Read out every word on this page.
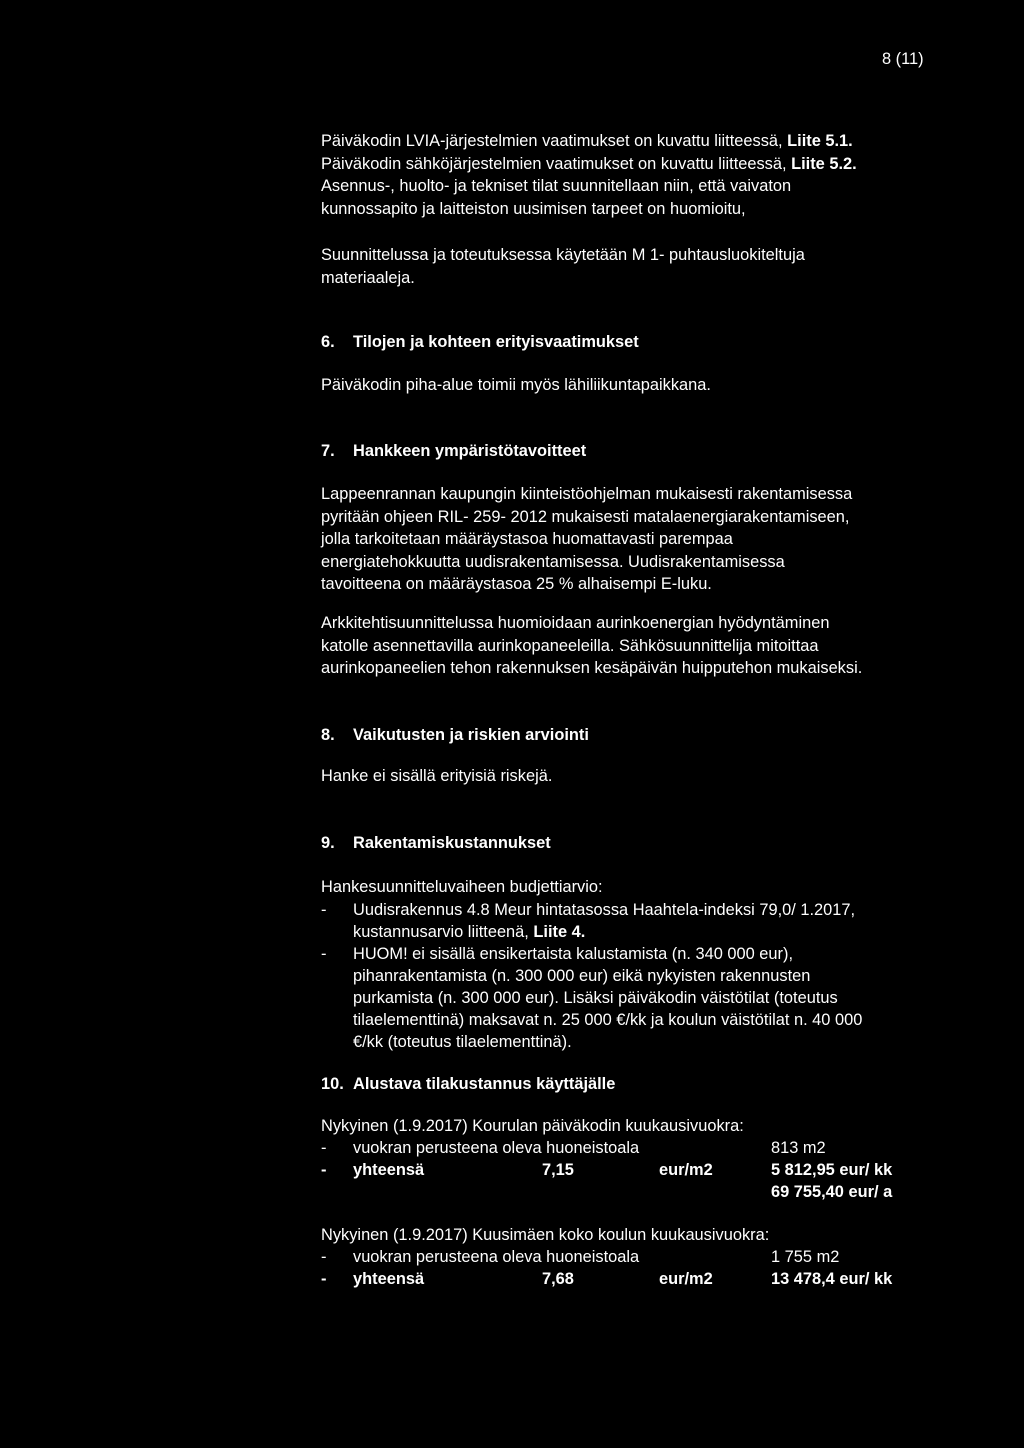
8 (11)
Päiväkodin LVIA-järjestelmien vaatimukset on kuvattu liitteessä, Liite 5.1.
Päiväkodin sähköjärjestelmien vaatimukset on kuvattu liitteessä, Liite 5.2.
Asennus-, huolto- ja tekniset tilat suunnitellaan niin, että vaivaton
kunnossapito ja laitteiston uusimisen tarpeet on huomioitu,
Suunnittelussa ja toteutuksessa käytetään M 1- puhtausluokiteltuja
materiaaleja.
6. Tilojen ja kohteen erityisvaatimukset
Päiväkodin piha-alue toimii myös lähiliikuntapaikkana.
7. Hankkeen ympäristötavoitteet
Lappeenrannan kaupungin kiinteistöohjelman mukaisesti rakentamisessa
pyritään ohjeen RIL- 259- 2012 mukaisesti matalaenergiarakentamiseen,
jolla tarkoitetaan määräystasoa huomattavasti parempaa
energiatehokkuutta uudisrakentamisessa. Uudisrakentamisessa
tavoitteena on määräystasoa 25 % alhaisempi E-luku.
Arkkitehtisuunnittelussa huomioidaan aurinkoenergian hyödyntäminen
katolle asennettavilla aurinkopaneeleilla. Sähkösuunnittelija mitoittaa
aurinkopaneelien tehon rakennuksen kesäpäivän huipputehon mukaiseksi.
8. Vaikutusten ja riskien arviointi
Hanke ei sisällä erityisiä riskejä.
9. Rakentamiskustannukset
Hankesuunnitteluvaiheen budjettiarvio:
- Uudisrakennus 4.8 Meur hintatasossa Haahtela-indeksi 79,0/ 1.2017,
kustannusarvio liitteenä, Liite 4.
- HUOM! ei sisällä ensikertaista kalustamista (n. 340 000 eur),
pihanrakentamista (n. 300 000 eur) eikä nykyisten rakennusten
purkamista (n. 300 000 eur). Lisäksi päiväkodin väistötilat (toteutus
tilaelementtinä) maksavat n. 25 000 €/kk ja koulun väistötilat n. 40 000
€/kk (toteutus tilaelementtinä).
10. Alustava tilakustannus käyttäjälle
Nykyinen (1.9.2017) Kourulan päiväkodin kuukausivuokra:
- vuokran perusteena oleva huoneistoala	813 m2
- yhteensä	7,15	eur/m2	5 812,95 eur/ kk
69 755,40 eur/ a
Nykyinen (1.9.2017) Kuusimäen koko koulun kuukausivuokra:
- vuokran perusteena oleva huoneistoala	1 755 m2
- yhteensä	7,68	eur/m2	13 478,4 eur/ kk
